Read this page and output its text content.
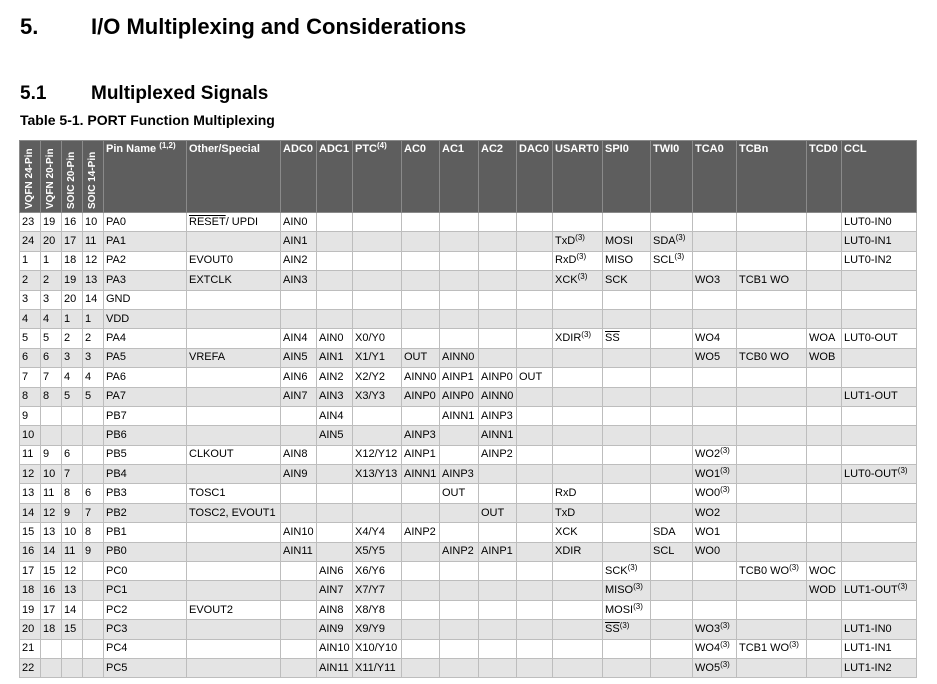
5. I/O Multiplexing and Considerations
5.1 Multiplexed Signals
Table 5-1. PORT Function Multiplexing
VQFN 24-Pin	VQFN 20-Pin	SOIC 20-Pin	SOIC 14-Pin	Pin Name $^{(1,2)}$	Other/Special	ADC0	ADC1	PTC$^{(4)}$	AC0	AC1	AC2	DAC0	USART0	SPI0	TWI0	TCA0	TCBn	TCD0	CCL
23	19	16	10	PA0	RESET/ UPDI	AIN0													LUT0-IN0
24	20	17	11	PA1		AIN1							TxD$^{(3)}$	MOSI	SDA$^{(3)}$				LUT0-IN1
1	1	18	12	PA2	EVOUT0	AIN2							RxD$^{(3)}$	MISO	SCL$^{(3)}$				LUT0-IN2
2	2	19	13	PA3	EXTCLK	AIN3							XCK$^{(3)}$	SCK		WO3	TCB1 WO		
3	3	20	14	GND															
4	4	1	1	VDD															
5	5	2	2	PA4		AIN4	AIN0	X0/Y0					XDIR$^{(3)}$	$\overline{SS}$		WO4		WOA	LUT0-OUT
6	6	3	3	PA5	VREFA	AIN5	AIN1	X1/Y1	OUT	AINN0						WO5	TCB0 WO	WOB	
7	7	4	4	PA6		AIN6	AIN2	X2/Y2	AINN0	AINP1	AINP0	OUT							
8	8	5	5	PA7		AIN7	AIN3	X3/Y3	AINP0	AINP0	AINN0								LUT1-OUT
9				PB7			AIN4			AINN1	AINP3								
10				PB6			AIN5		AINP3		AINN1								
11	9	6		PB5	CLKOUT	AIN8		X12/Y12	AINP1		AINP2					WO2$^{(3)}$			
12	10	7		PB4		AIN9		X13/Y13	AINN1	AINP3						WO1$^{(3)}$			LUT0-OUT$^{(3)}$
13	11	8	6	PB3	TOSC1					OUT			RxD			WO0$^{(3)}$			
14	12	9	7	PB2	TOSC2, EVOUT1						OUT		TxD			WO2			
15	13	10	8	PB1		AIN10		X4/Y4	AINP2				XCK		SDA	WO1			
16	14	11	9	PB0		AIN11		X5/Y5		AINP2	AINP1		XDIR		SCL	WO0			
17	15	12		PC0			AIN6	X6/Y6						SCK$^{(3)}$			TCB0 WO$^{(3)}$	WOC	
18	16	13		PC1			AIN7	X7/Y7						MISO$^{(3)}$				WOD	LUT1-OUT$^{(3)}$
19	17	14		PC2	EVOUT2		AIN8	X8/Y8						MOSI$^{(3)}$					
20	18	15		PC3			AIN9	X9/Y9						$\overline{SS}^{(3)}$		WO3$^{(3)}$			LUT1-IN0
21				PC4			AIN10	X10/Y10								WO4$^{(3)}$	TCB1 WO$^{(3)}$		LUT1-IN1
22				PC5			AIN11	X11/Y11								WO5$^{(3)}$			LUT1-IN2
